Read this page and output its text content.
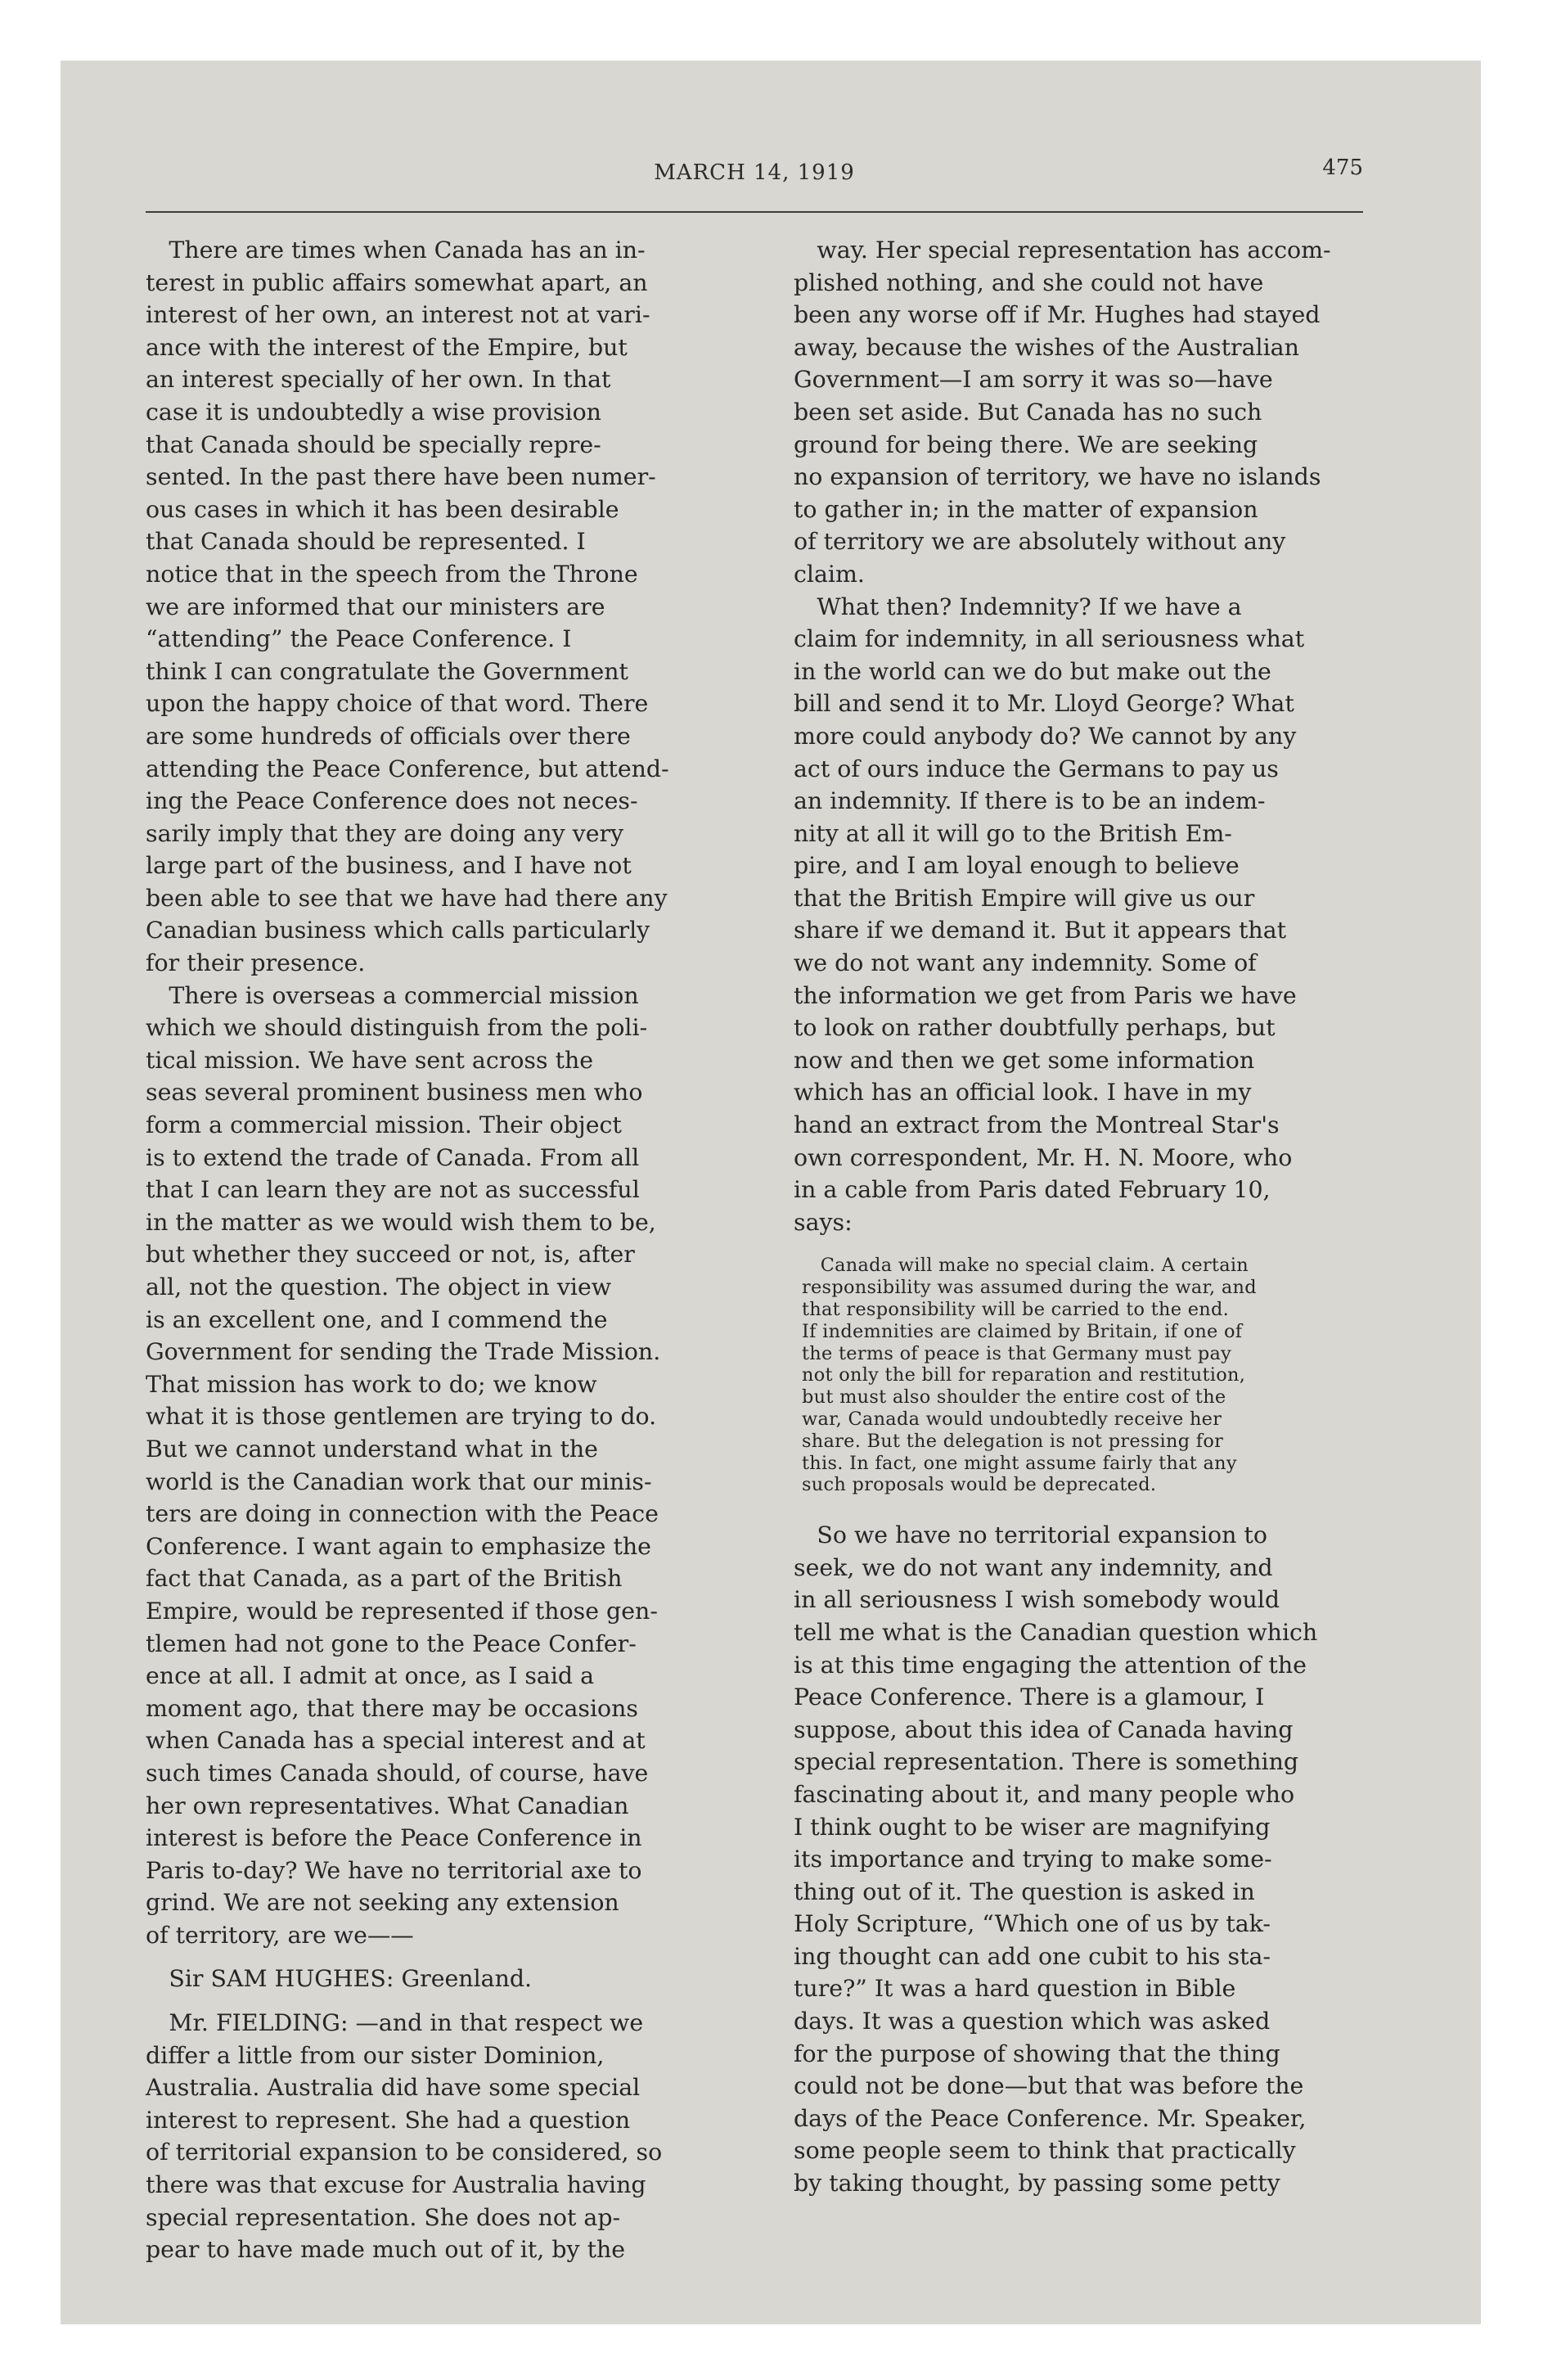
MARCH 14, 1919	475

 There are times when Canada has an in-
terest in public affairs somewhat apart, an
interest of her own, an interest not at vari-
ance with the interest of the Empire, but
an interest specially of her own. In that
case it is undoubtedly a wise provision
that Canada should be specially repre-
sented. In the past there have been numer-
ous cases in which it has been desirable
that Canada should be represented. I
notice that in the speech from the Throne
we are informed that our ministers are
“attending” the Peace Conference. I
think I can congratulate the Government
upon the happy choice of that word. There
are some hundreds of officials over there
attending the Peace Conference, but attend-
ing the Peace Conference does not neces-
sarily imply that they are doing any very
large part of the business, and I have not
been able to see that we have had there any
Canadian business which calls particularly
for their presence.

 There is overseas a commercial mission
which we should distinguish from the poli-
tical mission. We have sent across the
seas several prominent business men who
form a commercial mission. Their object
is to extend the trade of Canada. From all
that I can learn they are not as successful
in the matter as we would wish them to be,
but whether they succeed or not, is, after
all, not the question. The object in view
is an excellent one, and I commend the
Government for sending the Trade Mission.
That mission has work to do; we know
what it is those gentlemen are trying to do.
But we cannot understand what in the
world is the Canadian work that our minis-
ters are doing in connection with the Peace
Conference. I want again to emphasize the
fact that Canada, as a part of the British
Empire, would be represented if those gen-
tlemen had not gone to the Peace Confer-
ence at all. I admit at once, as I said a
moment ago, that there may be occasions
when Canada has a special interest and at
such times Canada should, of course, have
her own representatives. What Canadian
interest is before the Peace Conference in
Paris to-day? We have no territorial axe to
grind. We are not seeking any extension
of territory, are we——

 Sir SAM HUGHES: Greenland.

 Mr. FIELDING: —and in that respect we
differ a little from our sister Dominion,
Australia. Australia did have some special
interest to represent. She had a question
of territorial expansion to be considered, so
there was that excuse for Australia having
special representation. She does not ap-
pear to have made much out of it, by the

 way. Her special representation has accom-
plished nothing, and she could not have
been any worse off if Mr. Hughes had stayed
away, because the wishes of the Australian
Government—I am sorry it was so—have
been set aside. But Canada has no such
ground for being there. We are seeking
no expansion of territory, we have no islands
to gather in; in the matter of expansion
of territory we are absolutely without any
claim.

 What then? Indemnity? If we have a
claim for indemnity, in all seriousness what
in the world can we do but make out the
bill and send it to Mr. Lloyd George? What
more could anybody do? We cannot by any
act of ours induce the Germans to pay us
an indemnity. If there is to be an indem-
nity at all it will go to the British Em-
pire, and I am loyal enough to believe
that the British Empire will give us our
share if we demand it. But it appears that
we do not want any indemnity. Some of
the information we get from Paris we have
to look on rather doubtfully perhaps, but
now and then we get some information
which has an official look. I have in my
hand an extract from the Montreal Star's
own correspondent, Mr. H. N. Moore, who
in a cable from Paris dated February 10,
says:

 Canada will make no special claim. A certain
responsibility was assumed during the war, and
that responsibility will be carried to the end.
If indemnities are claimed by Britain, if one of
the terms of peace is that Germany must pay
not only the bill for reparation and restitution,
but must also shoulder the entire cost of the
war, Canada would undoubtedly receive her
share. But the delegation is not pressing for
this. In fact, one might assume fairly that any
such proposals would be deprecated.

 So we have no territorial expansion to
seek, we do not want any indemnity, and
in all seriousness I wish somebody would
tell me what is the Canadian question which
is at this time engaging the attention of the
Peace Conference. There is a glamour, I
suppose, about this idea of Canada having
special representation. There is something
fascinating about it, and many people who
I think ought to be wiser are magnifying
its importance and trying to make some-
thing out of it. The question is asked in
Holy Scripture, “Which one of us by tak-
ing thought can add one cubit to his sta-
ture?” It was a hard question in Bible
days. It was a question which was asked
for the purpose of showing that the thing
could not be done—but that was before the
days of the Peace Conference. Mr. Speaker,
some people seem to think that practically
by taking thought, by passing some petty
